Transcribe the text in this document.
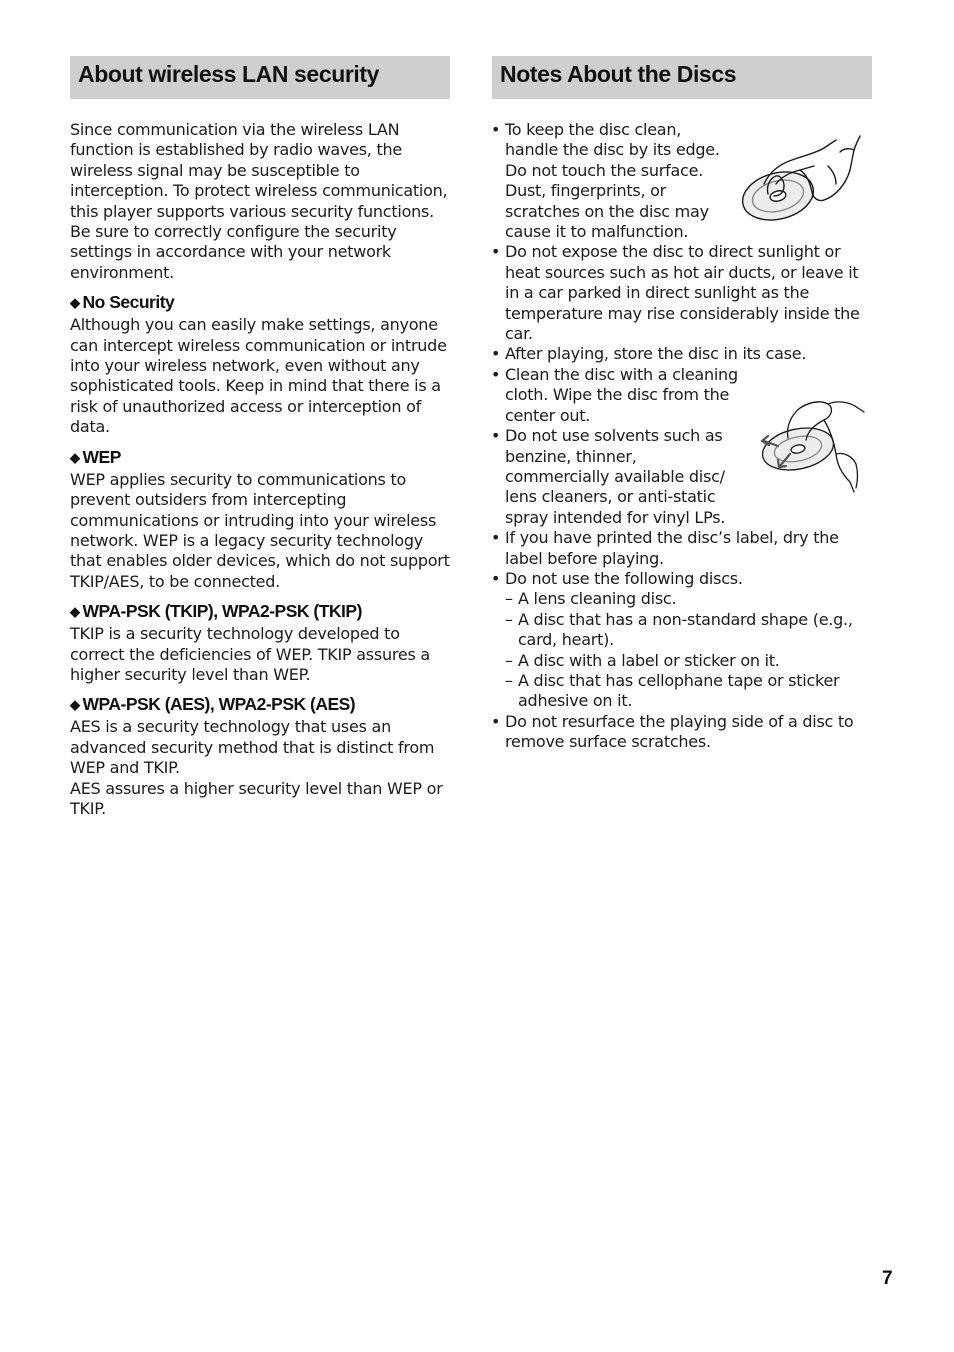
About wireless LAN security

Since communication via the wireless LAN function is established by radio waves, the wireless signal may be susceptible to interception. To protect wireless communication, this player supports various security functions. Be sure to correctly configure the security settings in accordance with your network environment.

◆ No Security

Although you can easily make settings, anyone can intercept wireless communication or intrude into your wireless network, even without any sophisticated tools. Keep in mind that there is a risk of unauthorized access or interception of data.

◆ WEP

WEP applies security to communications to prevent outsiders from intercepting communications or intruding into your wireless network. WEP is a legacy security technology that enables older devices, which do not support TKIP/AES, to be connected.

◆ WPA-PSK (TKIP), WPA2-PSK (TKIP)

TKIP is a security technology developed to correct the deficiencies of WEP. TKIP assures a higher security level than WEP.

◆ WPA-PSK (AES), WPA2-PSK (AES)

AES is a security technology that uses an advanced security method that is distinct from WEP and TKIP.

AES assures a higher security level than WEP or TKIP.

Notes About the Discs

• To keep the disc clean, handle the disc by its edge. Do not touch the surface.

Dust, fingerprints, or scratches on the disc may cause it to malfunction.

• Do not expose the disc to direct sunlight or heat sources such as hot air ducts, or leave it in a car parked in direct sunlight as the temperature may rise considerably inside the car.

• After playing, store the disc in its case.

• Clean the disc with a cleaning cloth. Wipe the disc from the center out.

• Do not use solvents such as benzine, thinner, commercially available disc/ lens cleaners, or anti-static spray intended for vinyl LPs.

• If you have printed the disc’s label, dry the label before playing.

• Do not use the following discs.

– A lens cleaning disc.
– A disc that has a non-standard shape (e.g., card, heart).
– A disc with a label or sticker on it.
– A disc that has cellophane tape or sticker adhesive on it.

• Do not resurface the playing side of a disc to remove surface scratches.

7
